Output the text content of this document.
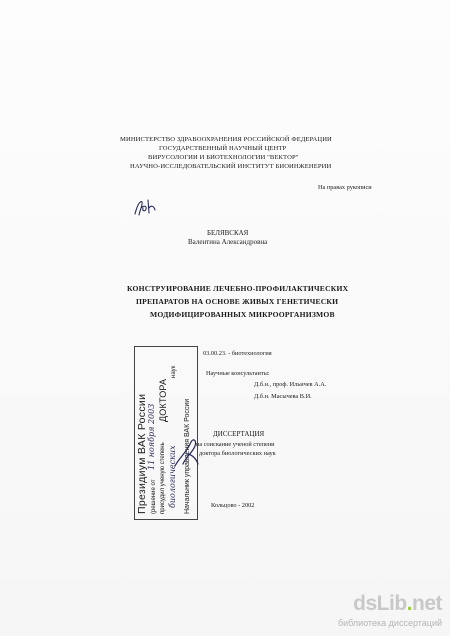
МИНИСТЕРСТВО ЗДРАВООХРАНЕНИЯ РОССИЙСКОЙ ФЕДЕРАЦИИ
ГОСУДАРСТВЕННЫЙ НАУЧНЫЙ ЦЕНТР
ВИРУСОЛОГИИ И БИОТЕХНОЛОГИИ "ВЕКТОР"
НАУЧНО-ИССЛЕДОВАТЕЛЬСКИЙ ИНСТИТУТ БИОИНЖЕНЕРИИ
На правах рукописи
БЕЛЯВСКАЯ
Валентина Александровна
КОНСТРУИРОВАНИЕ ЛЕЧЕБНО-ПРОФИЛАКТИЧЕСКИХ
ПРЕПАРАТОВ НА ОСНОВЕ ЖИВЫХ ГЕНЕТИЧЕСКИ
МОДИФИЦИРОВАННЫХ МИКРООРГАНИЗМОВ
03.00.23. - биотехнология
Научные консультанты:
Д.б.н., проф. Ильичев А.А.
Д.б.н. Масычева В.И.
ДИССЕРТАЦИЯ
на соискание ученой степени
доктора биологических наук
Кольцово - 2002
Президиум ВАК России (решение от
11 ноября 2003
присудил ученую степень
ДОКТОРА
биологических
наук
Начальник управления ВАК России
dsLib.net
библиотека диссертаций
